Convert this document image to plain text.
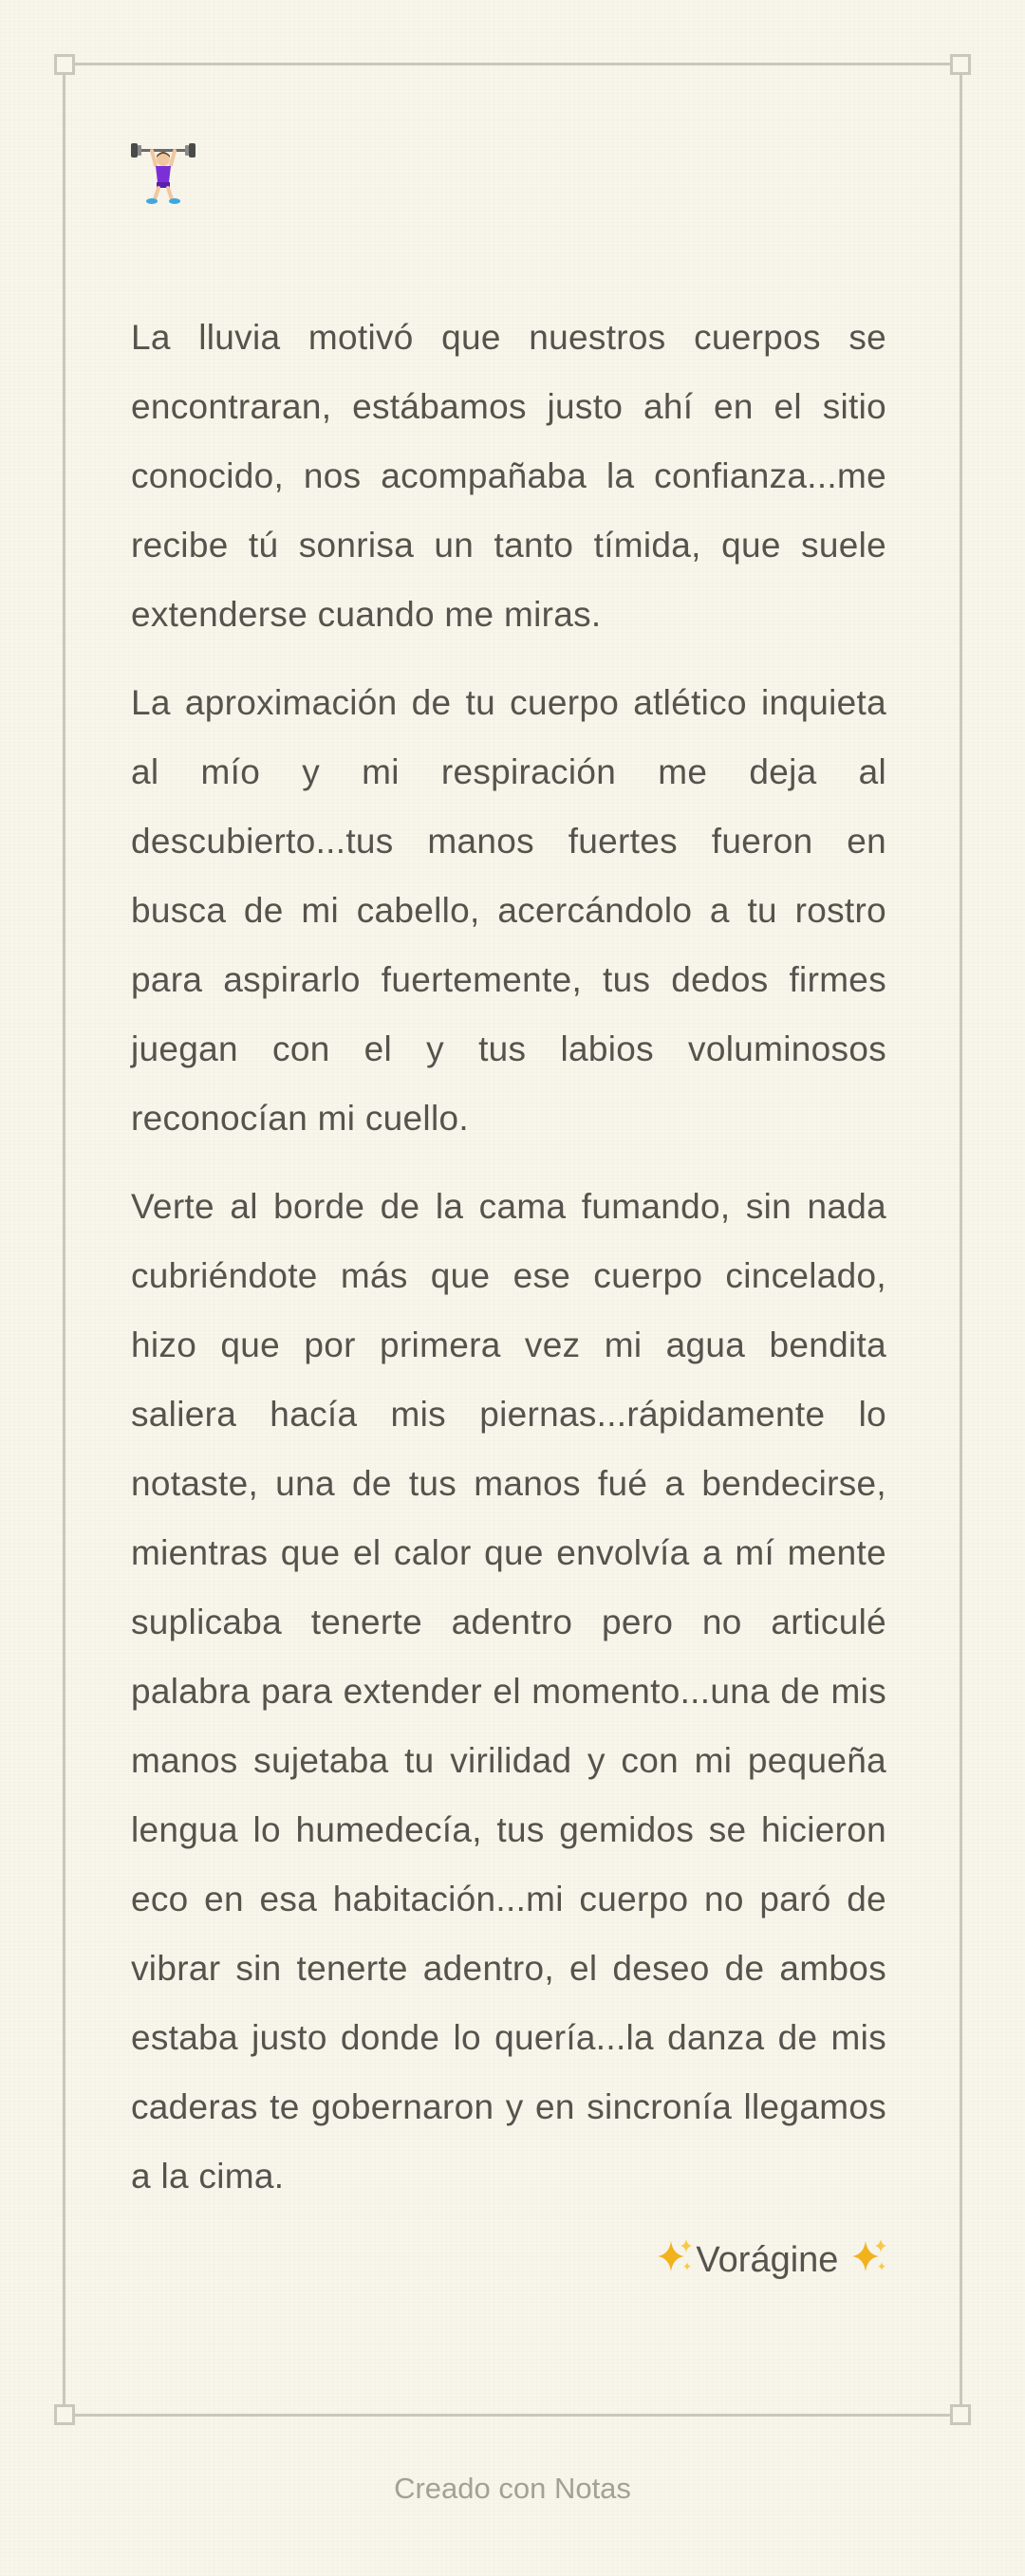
La lluvia motivó que nuestros cuerpos se encontraran, estábamos justo ahí en el sitio conocido, nos acompañaba la confianza...me recibe tú sonrisa un tanto tímida, que suele extenderse cuando me miras.

La aproximación de tu cuerpo atlético inquieta al mío y mi respiración me deja al descubierto...tus manos fuertes fueron en busca de mi cabello, acercándolo a tu rostro para aspirarlo fuertemente, tus dedos firmes juegan con el y tus labios voluminosos reconocían mi cuello.

Verte al borde de la cama fumando, sin nada cubriéndote más que ese cuerpo cincelado, hizo que por primera vez mi agua bendita saliera hacía mis piernas...rápidamente lo notaste, una de tus manos fué a bendecirse, mientras que el calor que envolvía a mí mente suplicaba tenerte adentro pero no articulé palabra para extender el momento...una de mis manos sujetaba tu virilidad y con mi pequeña lengua lo humedecía, tus gemidos se hicieron eco en esa habitación...mi cuerpo no paró de vibrar sin tenerte adentro, el deseo de ambos estaba justo donde lo quería...la danza de mis caderas te gobernaron y en sincronía llegamos a la cima.

Vorágine
Creado con Notas
